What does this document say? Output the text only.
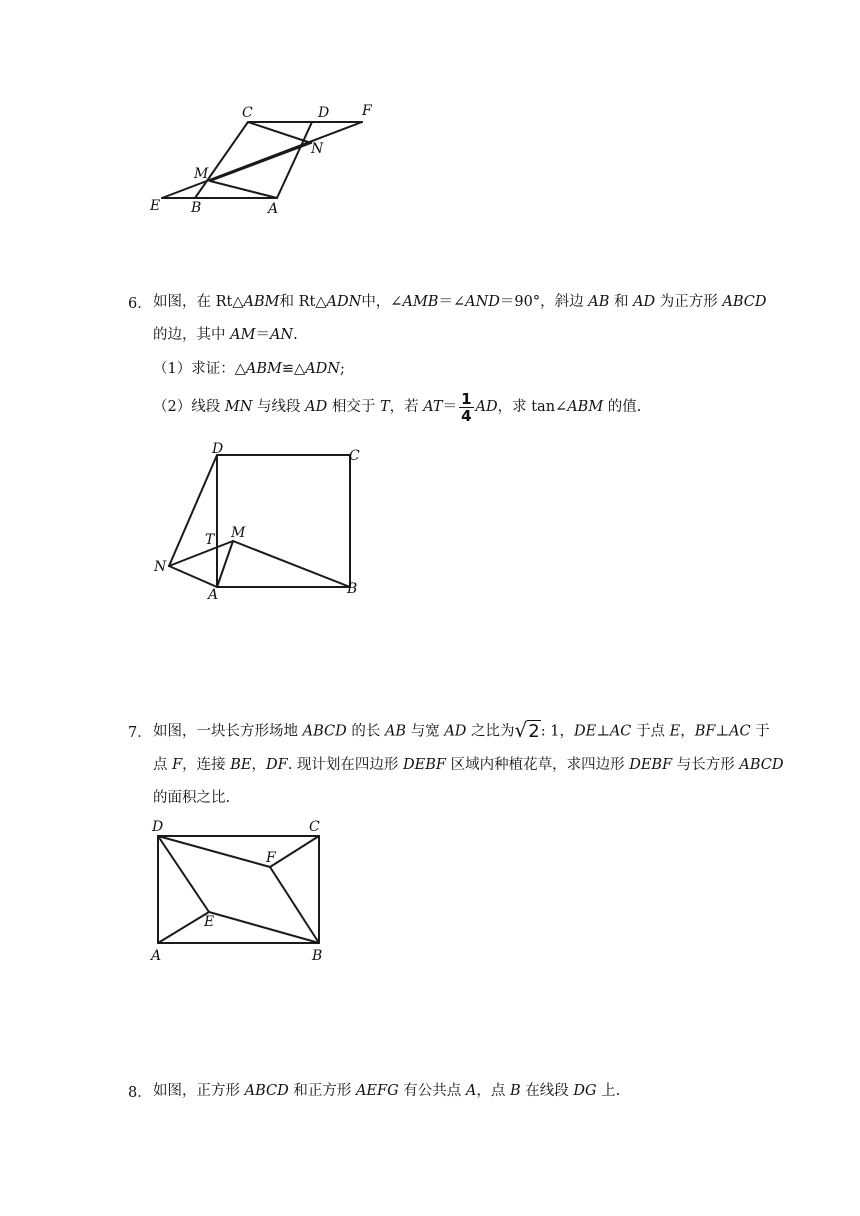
C	D F
N
M
E B	A
6． 如图，在 Rt△ABM和 Rt△ADN中，∠AMB＝∠AND＝90°，斜边 AB 和 AD 为正方形 ABCD
的边，其中 AM＝AN.
（1）求证：△ABM≌△ADN;
（2）线段 MN 与线段 AD 相交于 T，若 $AT= \frac{1}{4}$ AD，求 tan∠ABM 的值.
D	C
T M
N
A	B
7． 如图，一块长方形场地 ABCD 的长 AB 与宽 AD 之比为√2: 1，DE⊥AC 于点 E，BF⊥AC 于
点 F，连接 BE，DF. 现计划在四边形 DEBF 区域内种植花草，求四边形 DEBF 与长方形 ABCD
的面积之比.
D	C
F
E
A	B
8． 如图，正方形 ABCD 和正方形 AEFG 有公共点 A，点 B 在线段 DG 上.
